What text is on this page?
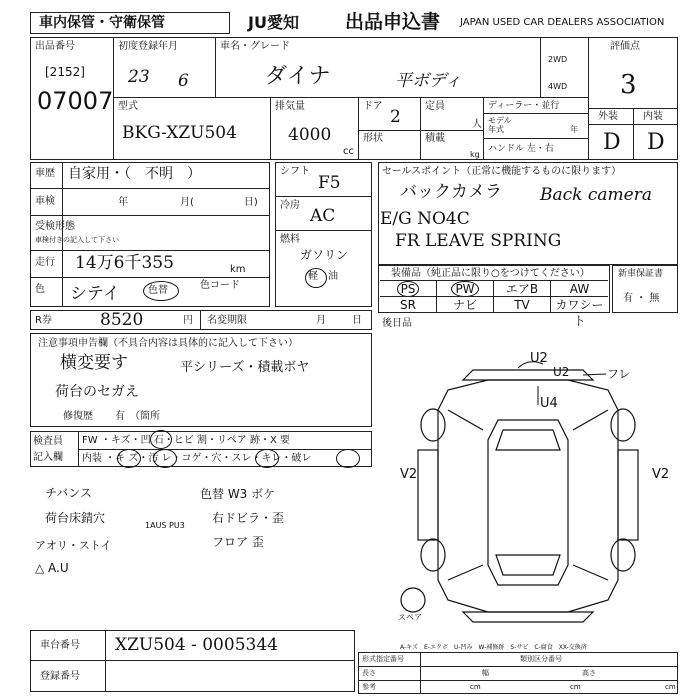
車内保管・守衛保管	JU愛知 出品申込書 JAPAN USED CAR DEALERS ASSOCIATION
出品番号
[2152]
07007
初度登録年月
23 6
車名・グレード
ダイナ	平ボディ
2WD
4WD
評価点
3
外装	内装
D D
型式
BKG-XZU504
排気量
4000
cc
ドア
2
形状
定員
人
積載
kg
ディーラー・並行
モデル
年式	年
ハンドル 左・右
車歴 自家用・（　不明　）
車検	年	月(　　　　　日)
受検形態
車検付きの記入して下さい
走行 14万6千355	km
色 シテイ	色替	色コード
シフト
F5
冷房
AC
燃料
ガソリン
軽　油
セールスポイント（正常に機能するものに限ります）
バックカメラ Back camera
E/G NO4C
FR LEAVE SPRING
装備品（純正品に限り○をつけてください）
PS	PW	エアB	AW
SR	ナビ	TV	カワシート
新車保証書
有 ・ 無
R券	8520	円 名変期限	月	日 後日品
注意事項申告欄（不具合内容は具体的に記入して下さい）
横変要す	平シリーズ・積載ボヤ
荷台のセガえ
修復歴 有　（箇所
検査員
記入欄
FW ・キズ・凹 石・ヒビ 割・リペア 跡・X 要
内装 ・キ ズ・汚 レ・コゲ・穴・スレ・キレ・破レ
チバンス
荷台床錆穴
アオリ・ストイ
△ A.U
色替 W3 ボケ
右ドビラ・歪
フロア 歪
1AUS PU3
車台番号 XZU504 - 0005344
登録番号
U2
U2	フレ
U4
V2	V2
スペア
A-キズ　E-エクボ　U-凹み　W-補修跡　S-サビ　C-腐食　XX-交換済
形式指定番号	類別区分番号
長さ	幅	高さ
参考	cm	cm	cm
